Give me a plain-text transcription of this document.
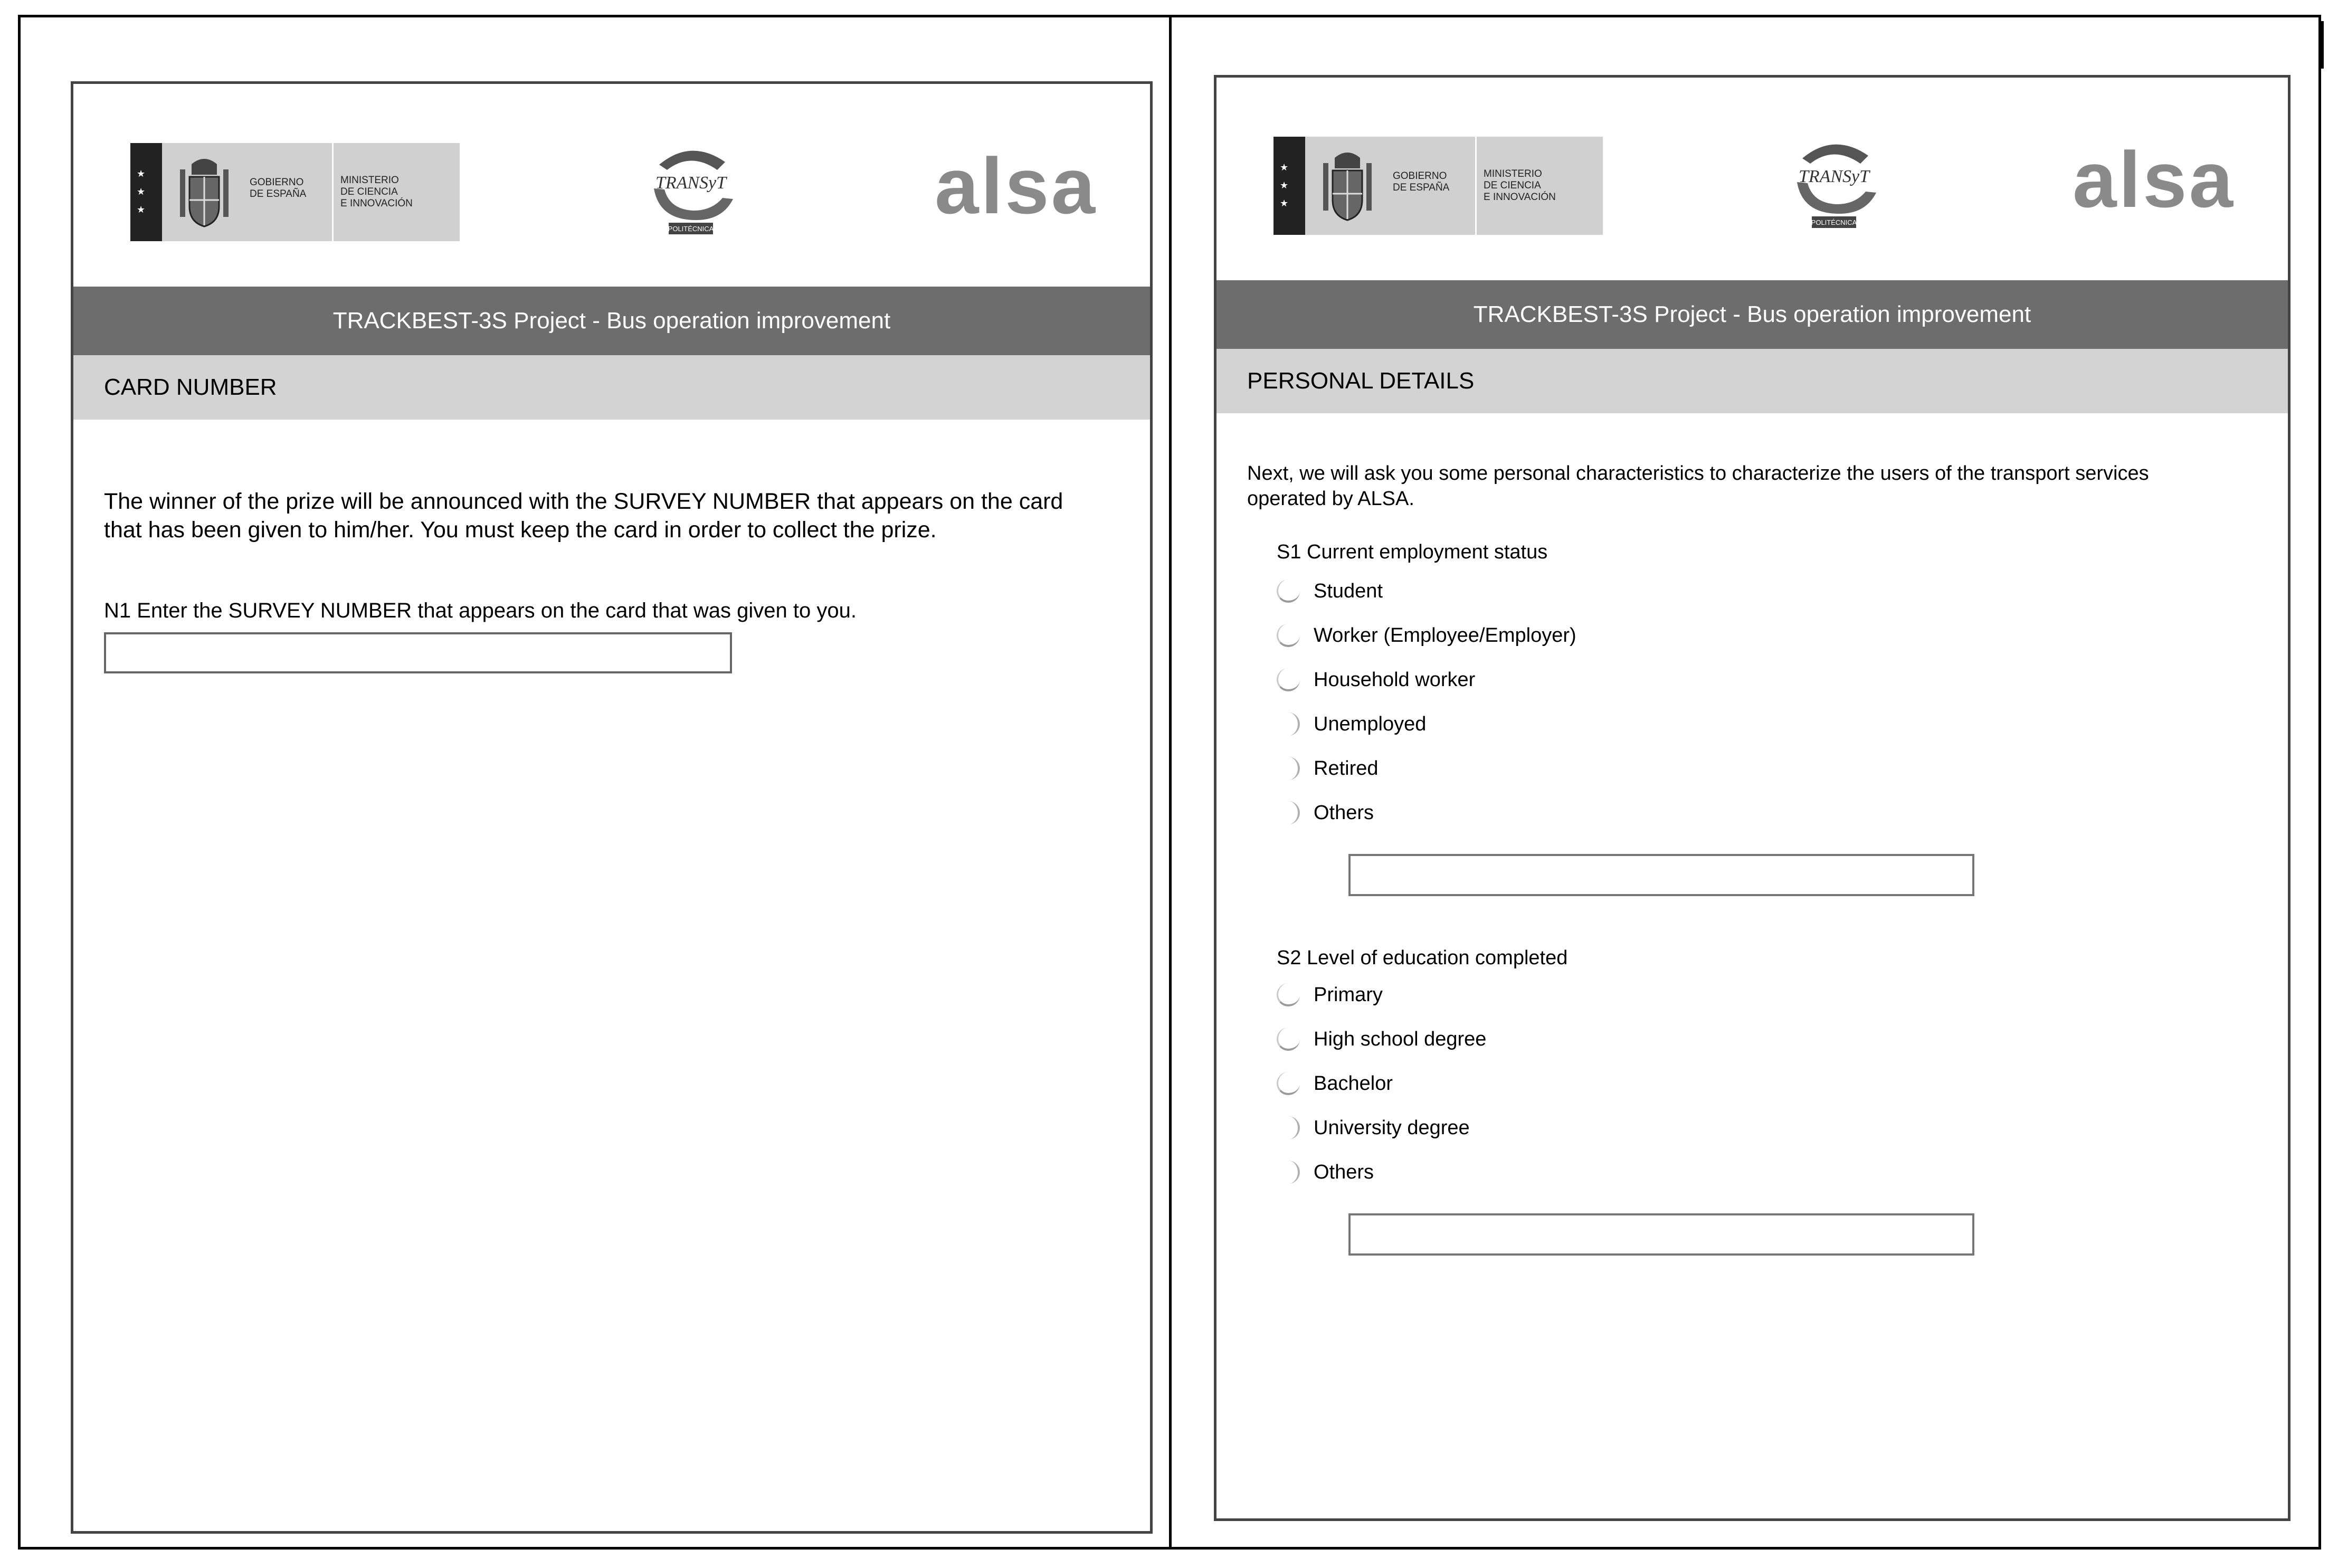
★
★
★
GOBIERNO
DE ESPAÑA
MINISTERIO
DE CIENCIA
E INNOVACIÓN
TRANSyT
POLITÉCNICA	alsa
TRACKBEST-3S Project - Bus operation improvement
CARD NUMBER
The winner of the prize will be announced with the SURVEY NUMBER that appears on the card that has been given to him/her. You must keep the card in order to collect the prize.
N1 Enter the SURVEY NUMBER that appears on the card that was given to you.
★
★
★
GOBIERNO
DE ESPAÑA
MINISTERIO
DE CIENCIA
E INNOVACIÓN
TRANSyT
POLITÉCNICA	alsa
TRACKBEST-3S Project - Bus operation improvement
PERSONAL DETAILS
Next, we will ask you some personal characteristics to characterize the users of the transport services operated by ALSA.
S1 Current employment status
Student
Worker (Employee/Employer)
Household worker
Unemployed
Retired
Others
S2 Level of education completed
Primary
High school degree
Bachelor
University degree
Others
